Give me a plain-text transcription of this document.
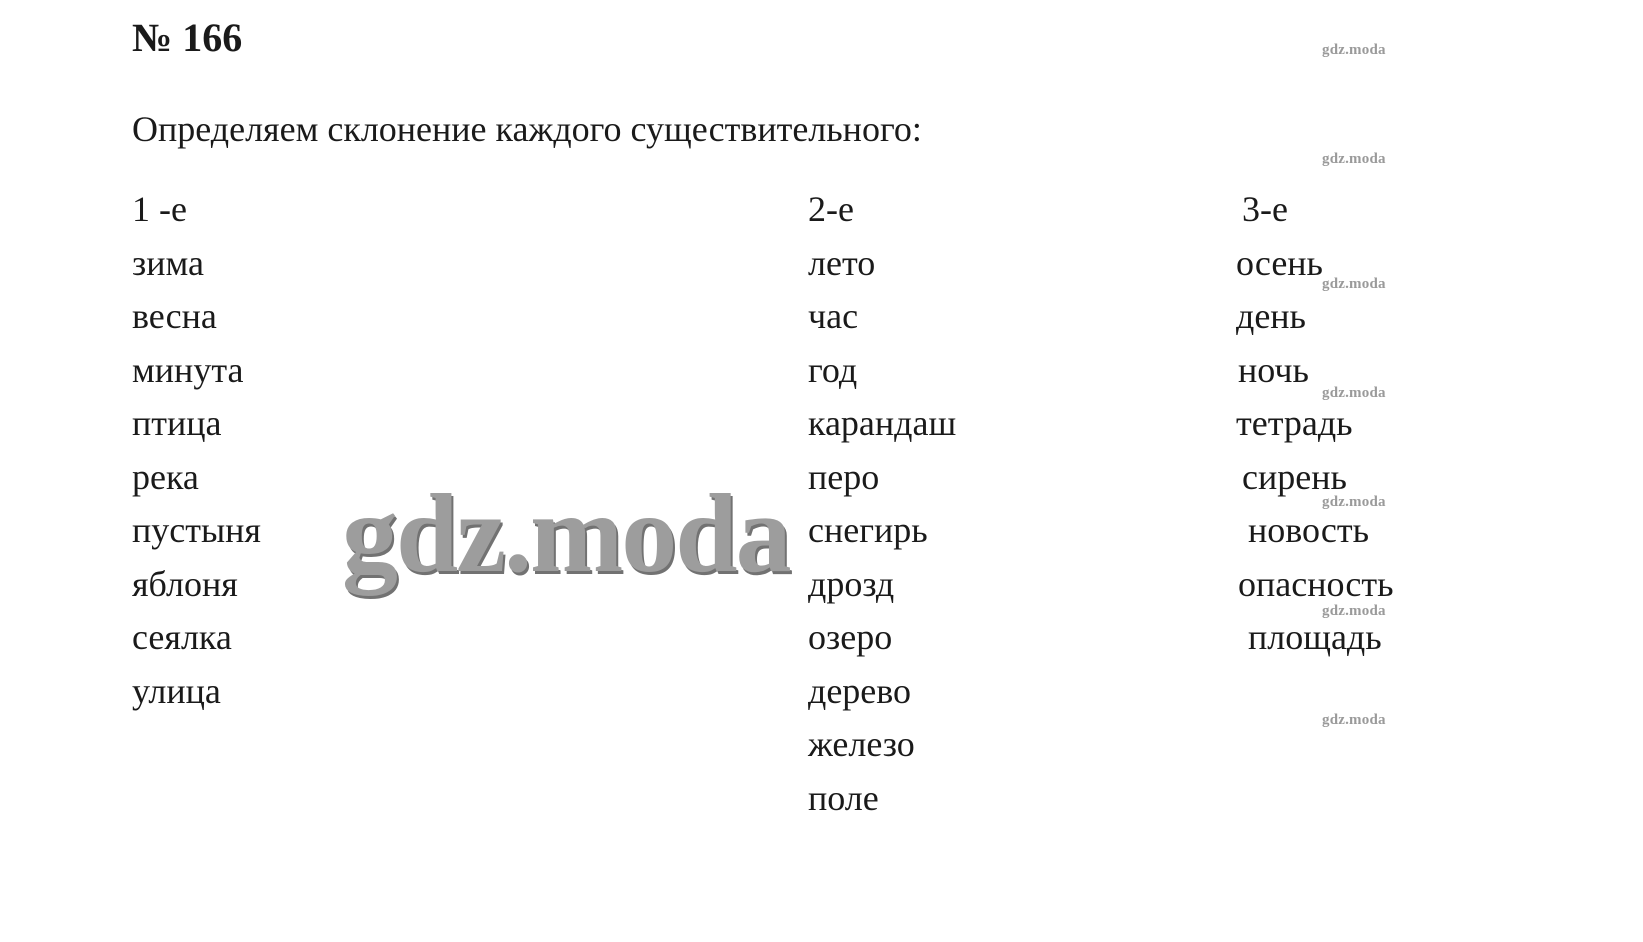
№ 166
Определяем склонение каждого существительного:
1 -е
зима
весна
минута
птица
река
пустыня
яблоня
сеялка
улица
2-е
лето
час
год
карандаш
перо
снегирь
дрозд
озеро
дерево
железо
поле
3-е
осень
день
ночь
тетрадь
сирень
новость
опасность
площадь
gdz.moda
gdz.moda
gdz.moda
gdz.moda
gdz.moda
gdz.moda
gdz.moda
gdz.moda
